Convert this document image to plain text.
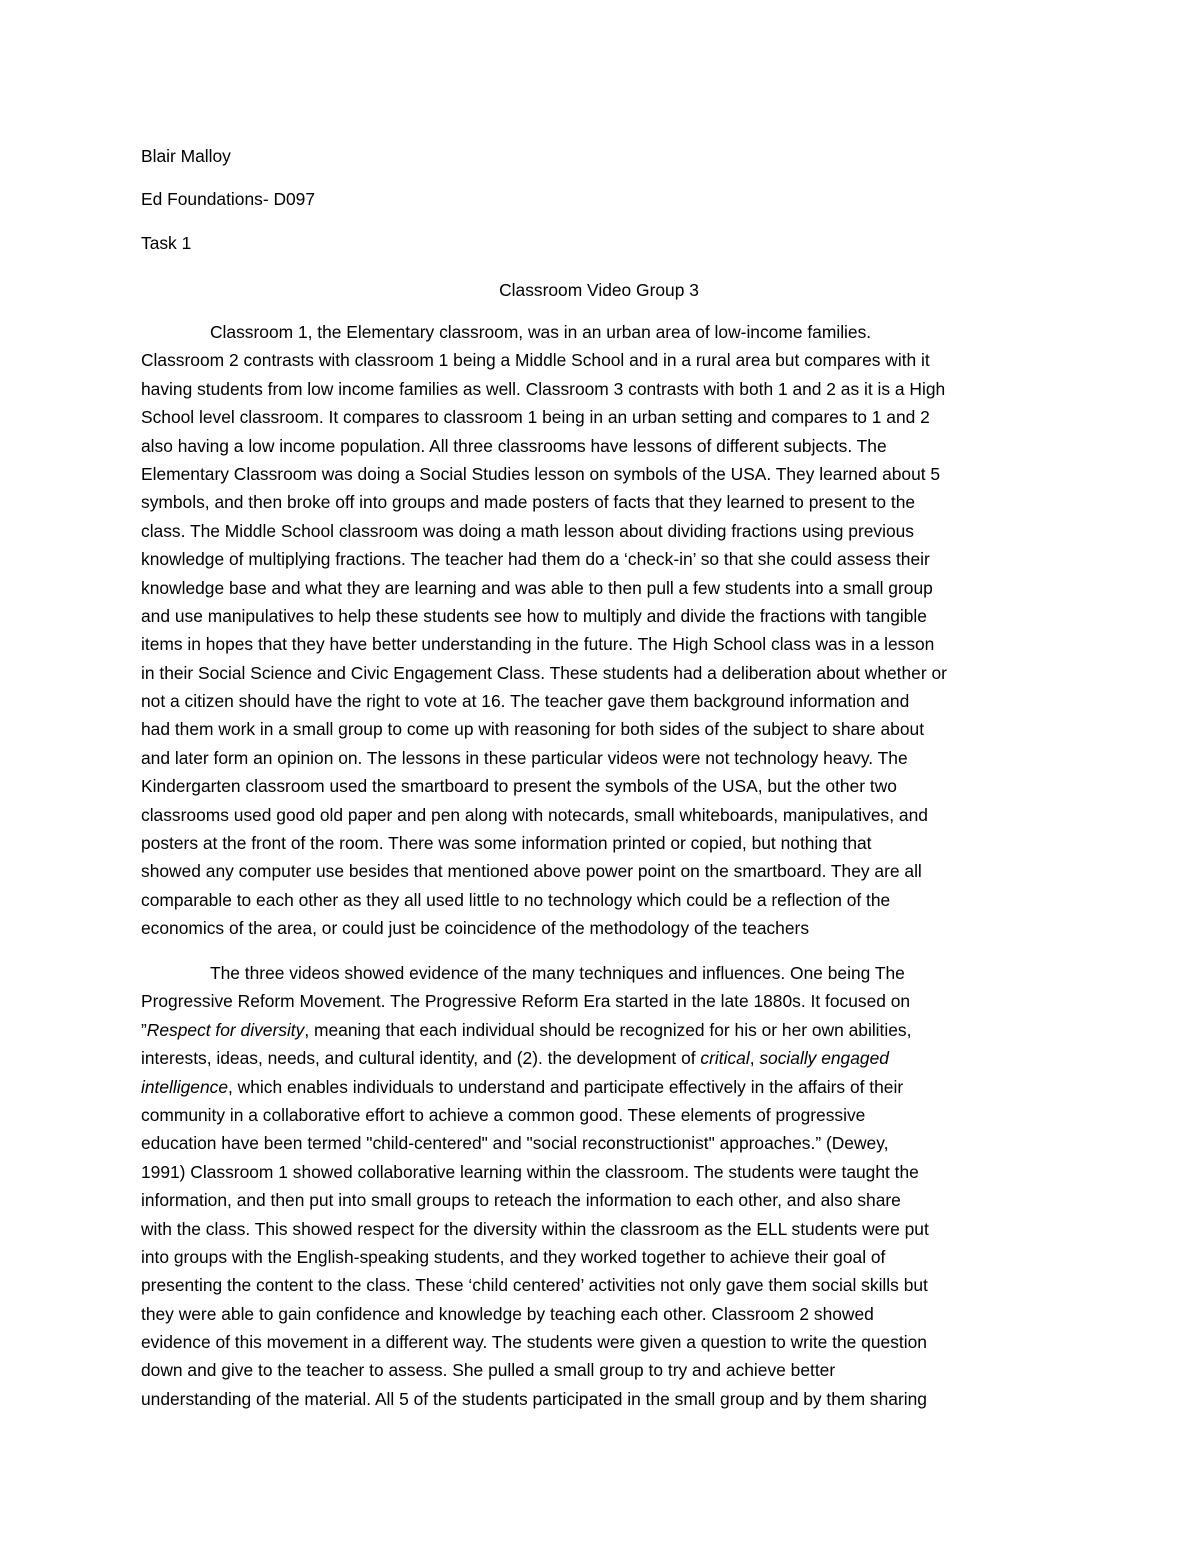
Blair Malloy
Ed Foundations- D097
Task 1
Classroom Video Group 3
Classroom 1, the Elementary classroom, was in an urban area of low-income families.
Classroom 2 contrasts with classroom 1 being a Middle School and in a rural area but compares with it
having students from low income families as well. Classroom 3 contrasts with both 1 and 2 as it is a High
School level classroom. It compares to classroom 1 being in an urban setting and compares to 1 and 2
also having a low income population. All three classrooms have lessons of different subjects. The
Elementary Classroom was doing a Social Studies lesson on symbols of the USA. They learned about 5
symbols, and then broke off into groups and made posters of facts that they learned to present to the
class. The Middle School classroom was doing a math lesson about dividing fractions using previous
knowledge of multiplying fractions. The teacher had them do a ‘check-in’ so that she could assess their
knowledge base and what they are learning and was able to then pull a few students into a small group
and use manipulatives to help these students see how to multiply and divide the fractions with tangible
items in hopes that they have better understanding in the future. The High School class was in a lesson
in their Social Science and Civic Engagement Class. These students had a deliberation about whether or
not a citizen should have the right to vote at 16. The teacher gave them background information and
had them work in a small group to come up with reasoning for both sides of the subject to share about
and later form an opinion on. The lessons in these particular videos were not technology heavy. The
Kindergarten classroom used the smartboard to present the symbols of the USA, but the other two
classrooms used good old paper and pen along with notecards, small whiteboards, manipulatives, and
posters at the front of the room. There was some information printed or copied, but nothing that
showed any computer use besides that mentioned above power point on the smartboard. They are all
comparable to each other as they all used little to no technology which could be a reflection of the
economics of the area, or could just be coincidence of the methodology of the teachers
The three videos showed evidence of the many techniques and influences. One being The
Progressive Reform Movement. The Progressive Reform Era started in the late 1880s. It focused on
”Respect for diversity, meaning that each individual should be recognized for his or her own abilities,
interests, ideas, needs, and cultural identity, and (2). the development of critical, socially engaged
intelligence, which enables individuals to understand and participate effectively in the affairs of their
community in a collaborative effort to achieve a common good. These elements of progressive
education have been termed "child-centered" and "social reconstructionist" approaches.” (Dewey,
1991) Classroom 1 showed collaborative learning within the classroom. The students were taught the
information, and then put into small groups to reteach the information to each other, and also share
with the class. This showed respect for the diversity within the classroom as the ELL students were put
into groups with the English-speaking students, and they worked together to achieve their goal of
presenting the content to the class. These ‘child centered’ activities not only gave them social skills but
they were able to gain confidence and knowledge by teaching each other. Classroom 2 showed
evidence of this movement in a different way. The students were given a question to write the question
down and give to the teacher to assess. She pulled a small group to try and achieve better
understanding of the material. All 5 of the students participated in the small group and by them sharing
